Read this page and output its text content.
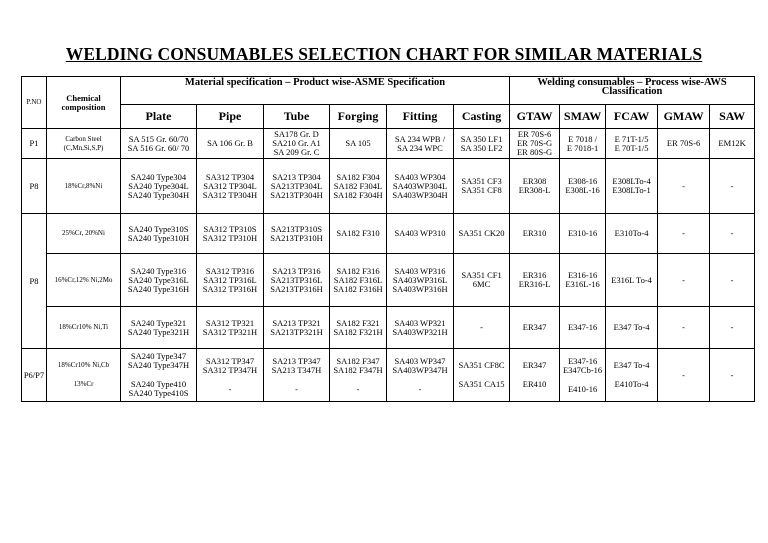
WELDING CONSUMABLES SELECTION CHART FOR SIMILAR MATERIALS
P.NO	Chemical composition	Material specification – Product wise-ASME Specification						Welding consumables – Process wise-AWS Classification				
		Plate	Pipe	Tube	Forging	Fitting	Casting	GTAW	SMAW	FCAW	GMAW	SAW
P1	Carbon Steel (C,Mn,Si,S,P)	SA 515 Gr. 60/70
SA 516 Gr. 60/ 70	SA 106 Gr. B	SA178 Gr. D
SA210 Gr. A1
SA 209 Gr. C	SA 105	SA 234 WPB /
SA 234 WPC	SA 350 LF1
SA 350 LF2	ER 70S-6
ER 70S-G
ER 80S-G	E 7018 /
E 7018-1	E 71T-1/5
E 70T-1/5	ER 70S-6	EM12K

P8	18%Cr,8%Ni	SA240 Type304
SA240 Type304L
SA240 Type304H	SA312 TP304
SA312 TP304L
SA312 TP304H	SA213 TP304
SA213TP304L
SA213TP304H	SA182 F304
SA182 F304L
SA182 F304H	SA403 WP304
SA403WP304L
SA403WP304H	SA351 CF3
SA351 CF8	ER308
ER308-L	E308-16
E308L-16	E308LTo-4
E308LTo-1	-	-

P8	25%Cr, 20%Ni	SA240 Type310S
SA240 Type310H	SA312 TP310S
SA312 TP310H	SA213TP310S
SA213TP310H	SA182 F310	SA403 WP310	SA351 CK20	ER310	E310-16	E310To-4	-	-

	16%Cr,12% Ni,2Mo	SA240 Type316
SA240 Type316L
SA240 Type316H	SA312 TP316
SA312 TP316L
SA312 TP316H	SA213 TP316
SA213TP316L
SA213TP316H	SA182 F316
SA182 F316L
SA182 F316H	SA403 WP316
SA403WP316L
SA403WP316H	SA351 CF1
6MC	ER316
ER316-L	E316-16
E316L-16	E316L To-4	-	-

	18%Cr10% Ni,Ti	SA240 Type321
SA240 Type321H	SA312 TP321
SA312 TP321H	SA213 TP321
SA213TP321H	SA182 F321
SA182 F321H	SA403 WP321
SA403WP321H	-	ER347	E347-16	E347 To-4	-	-

P6/P7	18%Cr10% Ni,Cb
13%Cr	SA240 Type347
SA240 Type347H
SA240 Type410
SA240 Type410S	SA312 TP347
SA312 TP347H
-	SA213 TP347
SA213 T347H
-	SA182 F347
SA182 F347H
-	SA403 WP347
SA403WP347H
-	SA351 CF8C
SA351 CA15	ER347
ER410	E347-16
E347Cb-16
E410-16	E347 To-4
E410To-4	-	-
